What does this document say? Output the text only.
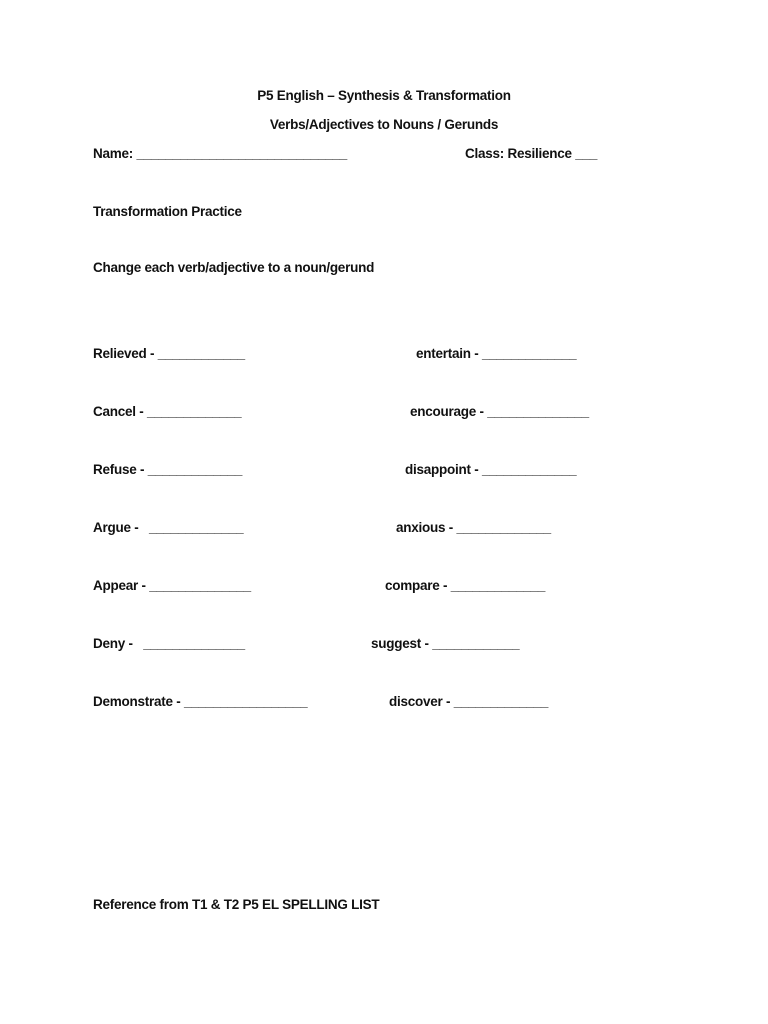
P5 English – Synthesis & Transformation
Verbs/Adjectives to Nouns / Gerunds
Name: _____________________________	Class: Resilience ___
Transformation Practice
Change each verb/adjective to a noun/gerund
Relieved - ____________	entertain - _____________
Cancel - _____________	encourage - ______________
Refuse - _____________	disappoint - _____________
Argue -   _____________	anxious - _____________
Appear - ______________	compare - _____________
Deny -   ______________	suggest - ____________
Demonstrate - _________________	discover - _____________
Reference from T1 & T2 P5 EL SPELLING LIST
